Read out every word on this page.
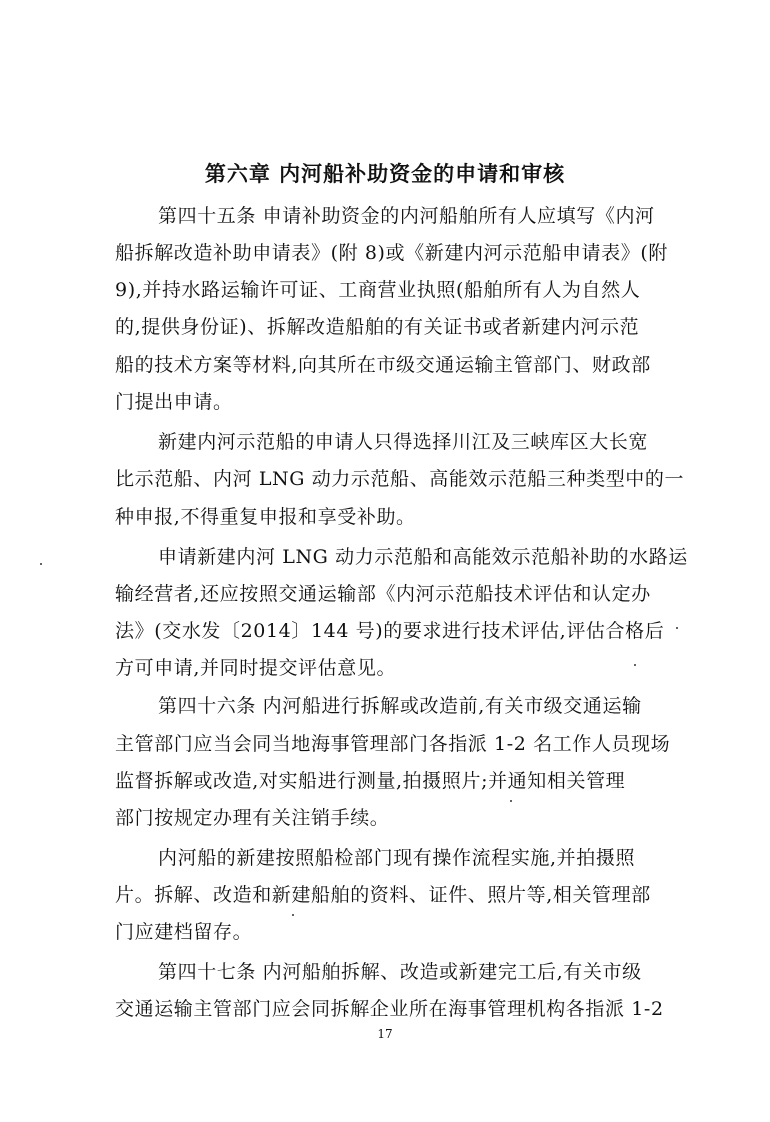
第六章 内河船补助资金的申请和审核
第四十五条 申请补助资金的内河船舶所有人应填写《内河
船拆解改造补助申请表》(附 8)或《新建内河示范船申请表》(附
9),并持水路运输许可证、工商营业执照(船舶所有人为自然人
的,提供身份证)、拆解改造船舶的有关证书或者新建内河示范
船的技术方案等材料,向其所在市级交通运输主管部门、财政部
门提出申请。
新建内河示范船的申请人只得选择川江及三峡库区大长宽
比示范船、内河 LNG 动力示范船、高能效示范船三种类型中的一
种申报,不得重复申报和享受补助。
申请新建内河 LNG 动力示范船和高能效示范船补助的水路运
输经营者,还应按照交通运输部《内河示范船技术评估和认定办
法》(交水发〔2014〕144 号)的要求进行技术评估,评估合格后
方可申请,并同时提交评估意见。
第四十六条 内河船进行拆解或改造前,有关市级交通运输
主管部门应当会同当地海事管理部门各指派 1-2 名工作人员现场
监督拆解或改造,对实船进行测量,拍摄照片;并通知相关管理
部门按规定办理有关注销手续。
内河船的新建按照船检部门现有操作流程实施,并拍摄照
片。拆解、改造和新建船舶的资料、证件、照片等,相关管理部
门应建档留存。
第四十七条 内河船舶拆解、改造或新建完工后,有关市级
交通运输主管部门应会同拆解企业所在海事管理机构各指派 1-2
17
